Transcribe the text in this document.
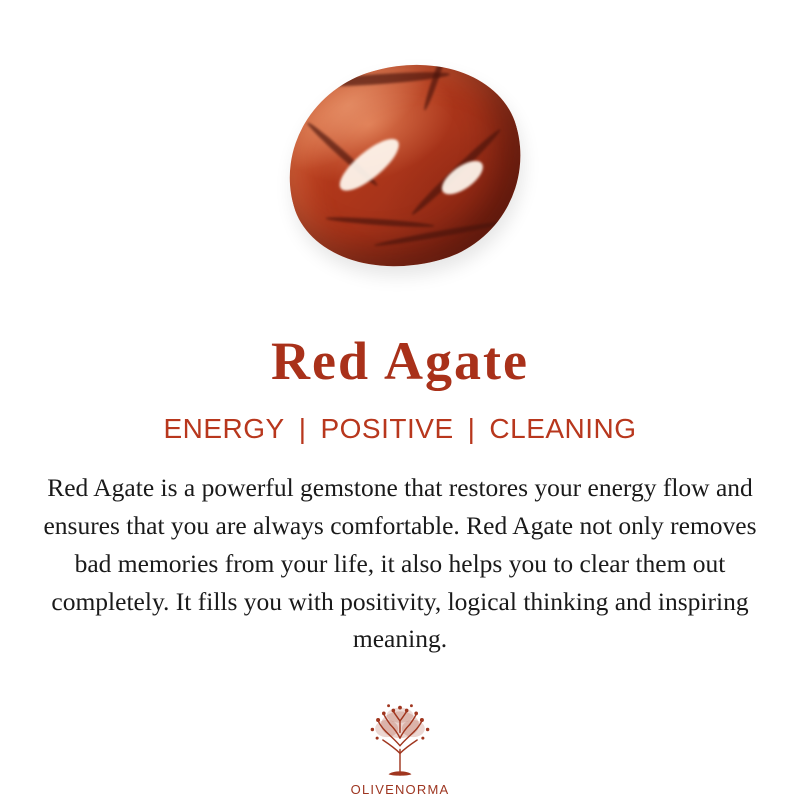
Red Agate
ENERGY | POSITIVE | CLEANING

Red Agate is a powerful gemstone that restores your energy flow and ensures that you are always comfortable. Red Agate not only removes bad memories from your life, it also helps you to clear them out completely. It fills you with positivity, logical thinking and inspiring meaning.

OLIVENORMA
